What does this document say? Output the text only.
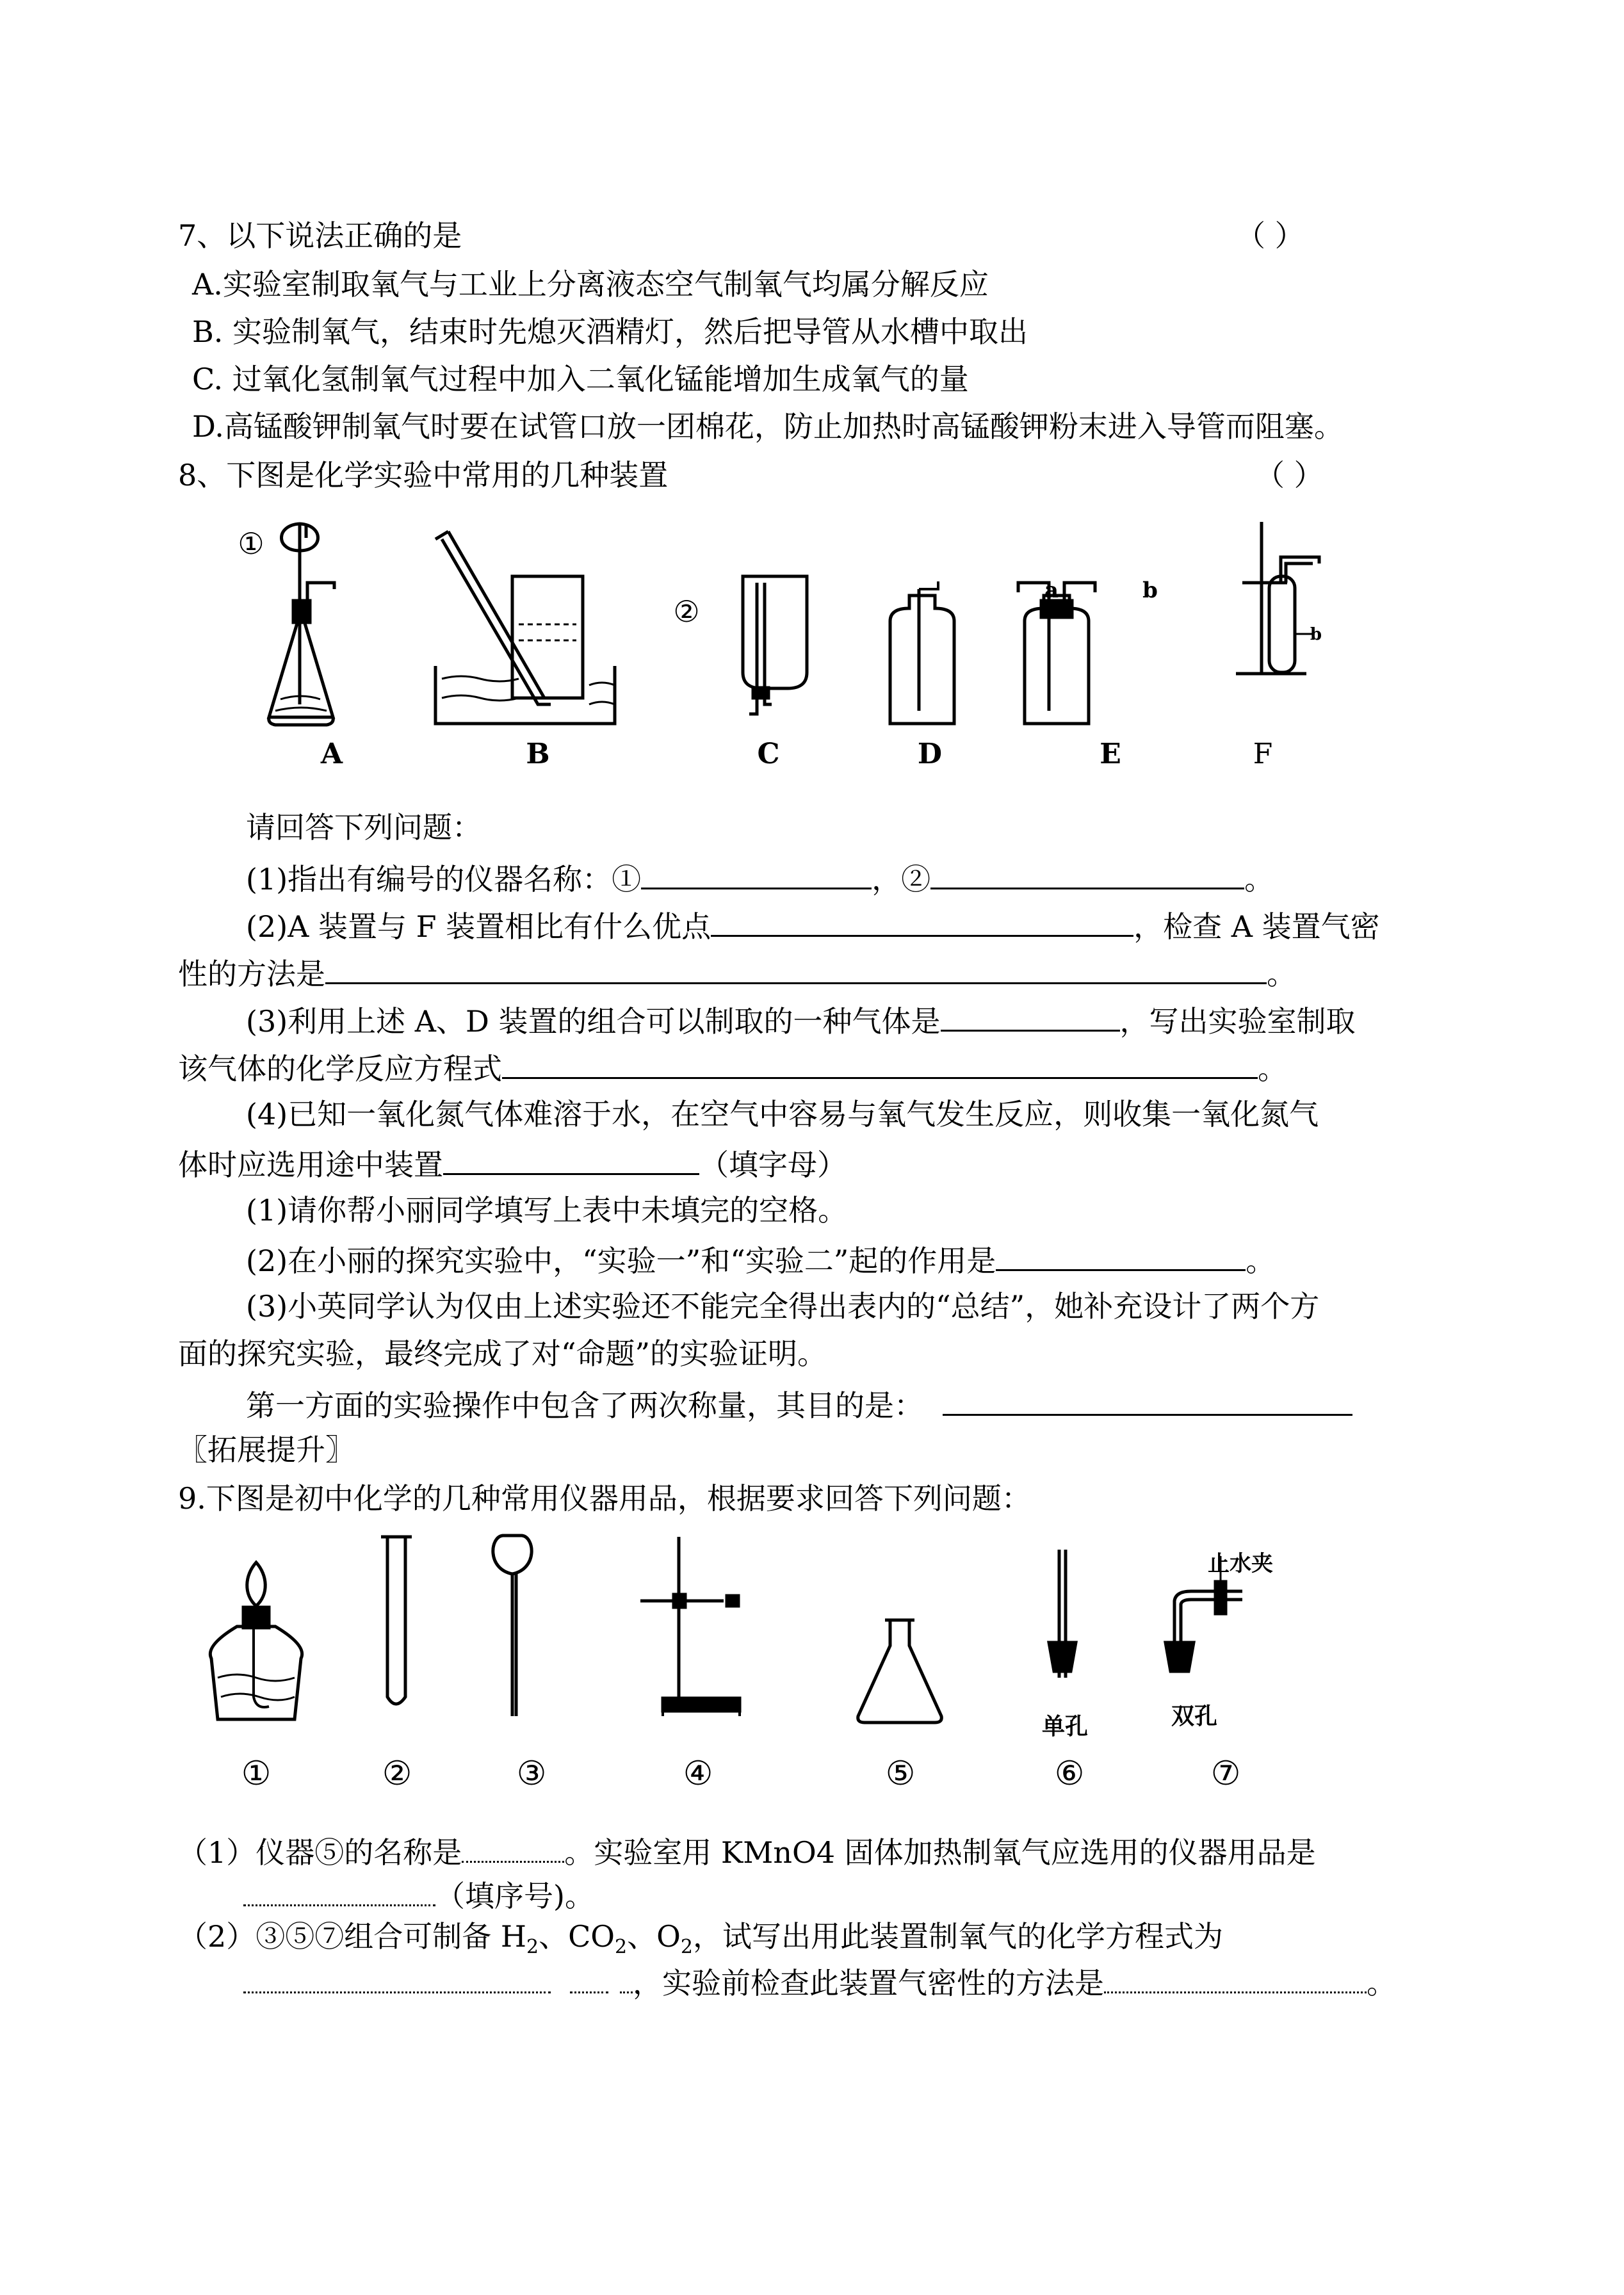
7、以下说法正确的是	（ ）
A.实验室制取氧气与工业上分离液态空气制氧气均属分解反应
B. 实验制氧气，结束时先熄灭酒精灯，然后把导管从水槽中取出
C. 过氧化氢制氧气过程中加入二氧化锰能增加生成氧气的量
D.高锰酸钾制氧气时要在试管口放一团棉花，防止加热时高锰酸钾粉末进入导管而阻塞。
8、下图是化学实验中常用的几种装置	（ ）
①
②
a	b
b
A	B	C	D	E	F
请回答下列问题：
(1)指出有编号的仪器名称：①	，②	。
(2)A 装置与 F 装置相比有什么优点	，检查 A 装置气密
性的方法是	。
(3)利用上述 A、D 装置的组合可以制取的一种气体是	，写出实验室制取
该气体的化学反应方程式	。
(4)已知一氧化氮气体难溶于水，在空气中容易与氧气发生反应，则收集一氧化氮气
体时应选用途中装置	（填字母）
(1)请你帮小丽同学填写上表中未填完的空格。
(2)在小丽的探究实验中，“实验一”和“实验二”起的作用是	。
(3)小英同学认为仅由上述实验还不能完全得出表内的“总结”，她补充设计了两个方
面的探究实验，最终完成了对“命题”的实验证明。
第一方面的实验操作中包含了两次称量，其目的是：
〖拓展提升〗
9.下图是初中化学的几种常用仪器用品，根据要求回答下列问题：
止水夹
单孔	双孔
①	②	③	④	⑤	⑥	⑦
（1）仪器⑤的名称是	。实验室用 KMnO4 固体加热制氧气应选用的仪器用品是
（填序号)。
（2）③⑤⑦组合可制备 $H_2$、$CO_2$、$O_2$，试写出用此装置制氧气的化学方程式为
，实验前检查此装置气密性的方法是	。
